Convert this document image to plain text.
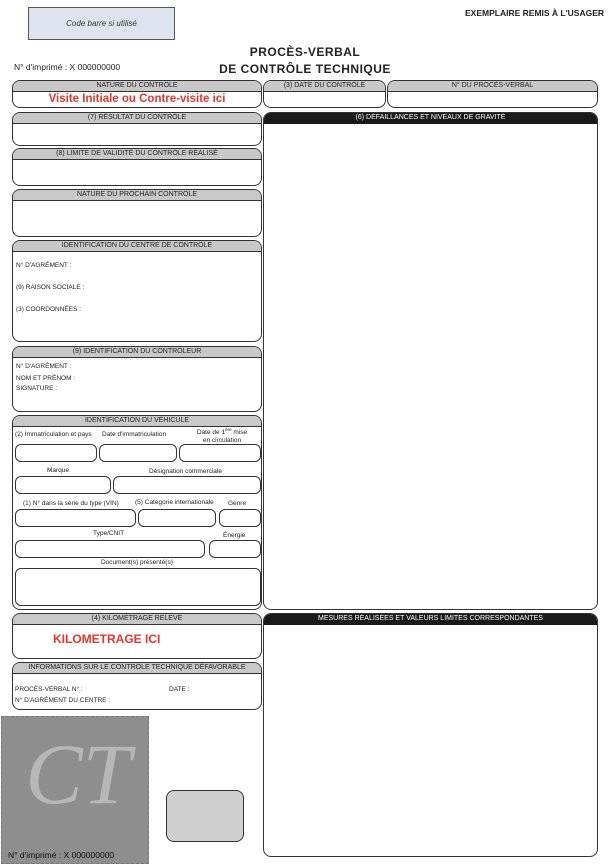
Code barre si utilisé
EXEMPLAIRE REMIS À L'USAGER
PROCÈS-VERBAL
DE CONTRÔLE TECHNIQUE
N° d'imprimé : X 000000000
NATURE DU CONTRÔLE
Visite Initiale ou Contre-visite ici
(3) DATE DU CONTRÔLE	N° DU PROCÈS-VERBAL
(7) RÉSULTAT DU CONTRÔLE	(6) DÉFAILLANCES ET NIVEAUX DE GRAVITÉ
(8) LIMITE DE VALIDITÉ DU CONTRÔLE RÉALISÉ
NATURE DU PROCHAIN CONTRÔLE
IDENTIFICATION DU CENTRE DE CONTRÔLE
N° D'AGRÉMENT :
(9) RAISON SOCIALE :
(3) COORDONNÉES :
(9) IDENTIFICATION DU CONTRÔLEUR
N° D'AGRÉMENT :
NOM ET PRÉNOM :
SIGNATURE :
IDENTIFICATION DU VÉHICULE
(2) Immatriculation et pays Date d'immatriculation	Date de 1ère mise
en circulation
Marque	Désignation commerciale
(1) N° dans la série du type (VIN) (5) Catégorie internationale Genre
Type/CNIT	Énergie
Document(s) présenté(s)
(4) KILOMÉTRAGE RELEVÉ
KILOMETRAGE ICI
MESURES RÉALISÉES ET VALEURS LIMITES CORRESPONDANTES
INFORMATIONS SUR LE CONTRÔLE TECHNIQUE DÉFAVORABLE
PROCÈS-VERBAL N° :	DATE :
N° D'AGRÉMENT DU CENTRE :
CT
N° d'imprimé : X 000000000
